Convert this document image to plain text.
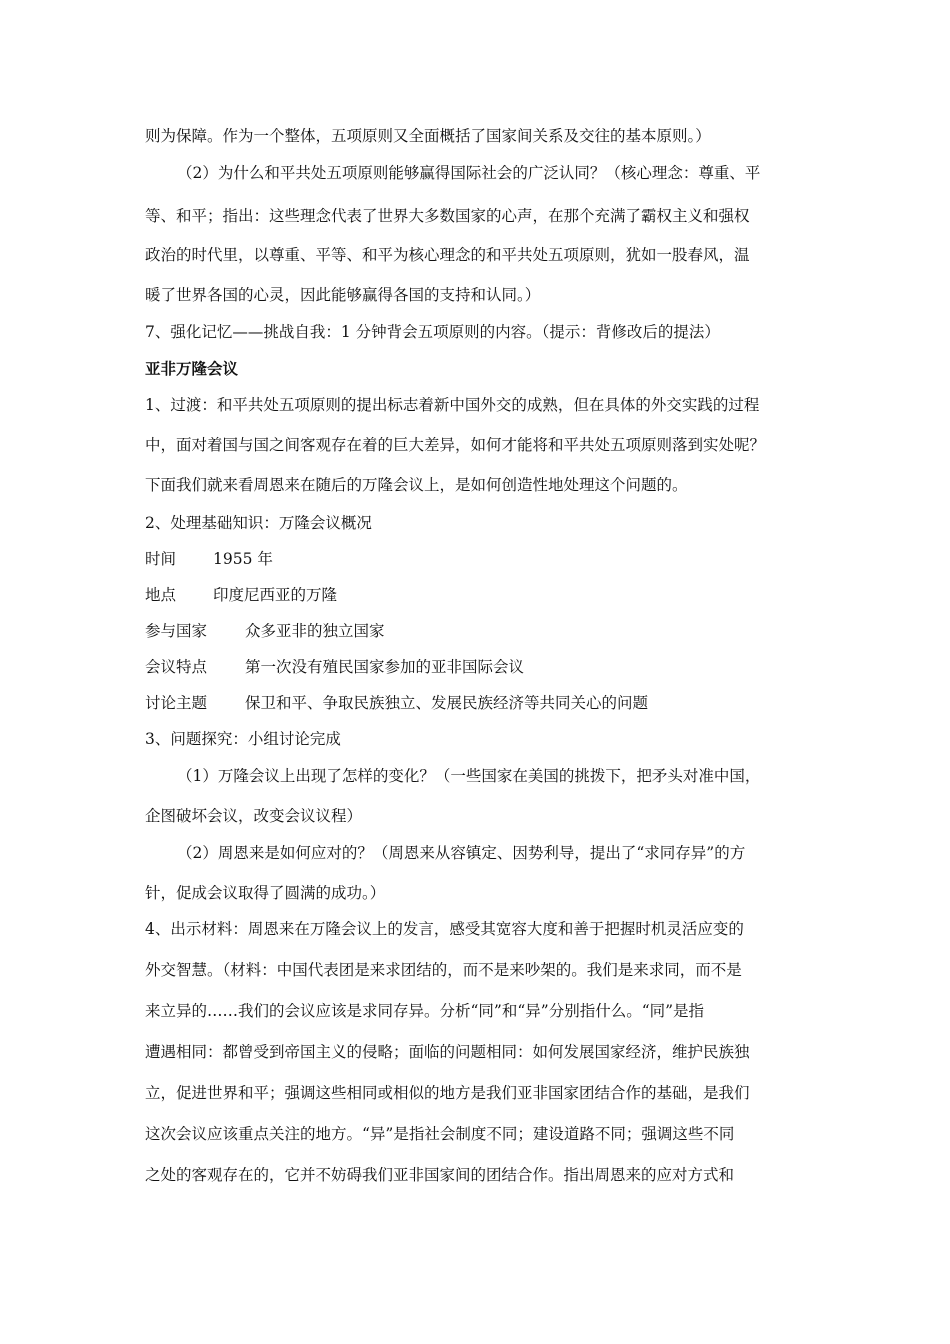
则为保障。作为一个整体，五项原则又全面概括了国家间关系及交往的基本原则。）
（2）为什么和平共处五项原则能够赢得国际社会的广泛认同？（核心理念：尊重、平
等、和平；指出：这些理念代表了世界大多数国家的心声，在那个充满了霸权主义和强权
政治的时代里，以尊重、平等、和平为核心理念的和平共处五项原则，犹如一股春风，温
暖了世界各国的心灵，因此能够赢得各国的支持和认同。）
7、强化记忆——挑战自我：1 分钟背会五项原则的内容。（提示：背修改后的提法）
亚非万隆会议
1、过渡：和平共处五项原则的提出标志着新中国外交的成熟，但在具体的外交实践的过程
中，面对着国与国之间客观存在着的巨大差异，如何才能将和平共处五项原则落到实处呢？
下面我们就来看周恩来在随后的万隆会议上，是如何创造性地处理这个问题的。
2、处理基础知识：万隆会议概况
时间 1955 年
地点 印度尼西亚的万隆
参与国家 众多亚非的独立国家
会议特点 第一次没有殖民国家参加的亚非国际会议
讨论主题 保卫和平、争取民族独立、发展民族经济等共同关心的问题
3、问题探究：小组讨论完成
（1）万隆会议上出现了怎样的变化？（一些国家在美国的挑拨下，把矛头对准中国，
企图破坏会议，改变会议议程）
（2）周恩来是如何应对的？（周恩来从容镇定、因势利导，提出了“求同存异”的方
针，促成会议取得了圆满的成功。）
4、出示材料：周恩来在万隆会议上的发言，感受其宽容大度和善于把握时机灵活应变的
外交智慧。（材料：中国代表团是来求团结的，而不是来吵架的。我们是来求同，而不是
来立异的……我们的会议应该是求同存异。分析“同”和“异”分别指什么。“同”是指
遭遇相同：都曾受到帝国主义的侵略；面临的问题相同：如何发展国家经济，维护民族独
立，促进世界和平；强调这些相同或相似的地方是我们亚非国家团结合作的基础，是我们
这次会议应该重点关注的地方。“异”是指社会制度不同；建设道路不同；强调这些不同
之处的客观存在的，它并不妨碍我们亚非国家间的团结合作。指出周恩来的应对方式和
